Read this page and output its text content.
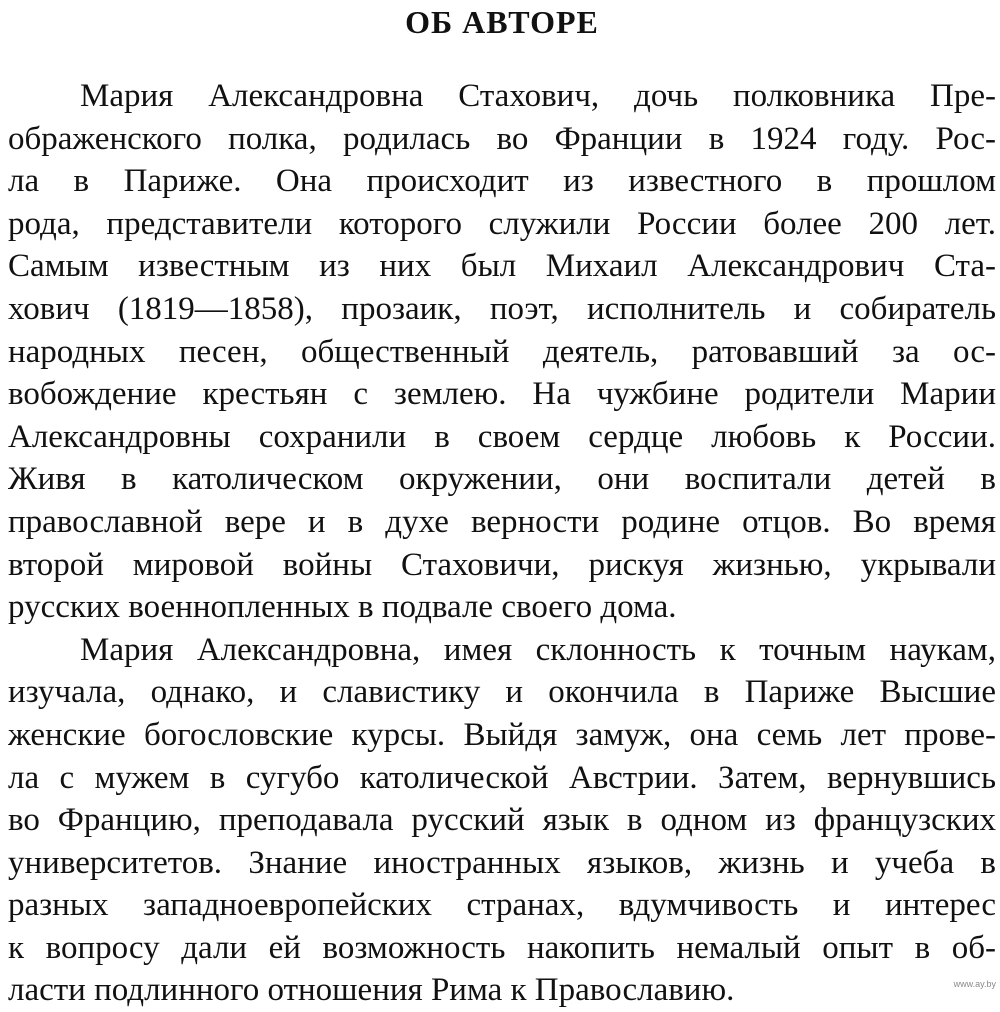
ОБ АВТОРЕ
Мария Александровна Стахович, дочь полковника Пре-
ображенского полка, родилась во Франции в 1924 году. Рос-
ла в Париже. Она происходит из известного в прошлом
рода, представители которого служили России более 200 лет.
Самым известным из них был Михаил Александрович Ста-
хович (1819—1858), прозаик, поэт, исполнитель и собиратель
народных песен, общественный деятель, ратовавший за ос-
вобождение крестьян с землею. На чужбине родители Марии
Александровны сохранили в своем сердце любовь к России.
Живя в католическом окружении, они воспитали детей в
православной вере и в духе верности родине отцов. Во время
второй мировой войны Стаховичи, рискуя жизнью, укрывали
русских военнопленных в подвале своего дома.
Мария Александровна, имея склонность к точным наукам,
изучала, однако, и славистику и окончила в Париже Высшие
женские богословские курсы. Выйдя замуж, она семь лет прове-
ла с мужем в сугубо католической Австрии. Затем, вернувшись
во Францию, преподавала русский язык в одном из французских
университетов. Знание иностранных языков, жизнь и учеба в
разных западноевропейских странах, вдумчивость и интерес
к вопросу дали ей возможность накопить немалый опыт в об-
ласти подлинного отношения Рима к Православию.	www.ay.by
